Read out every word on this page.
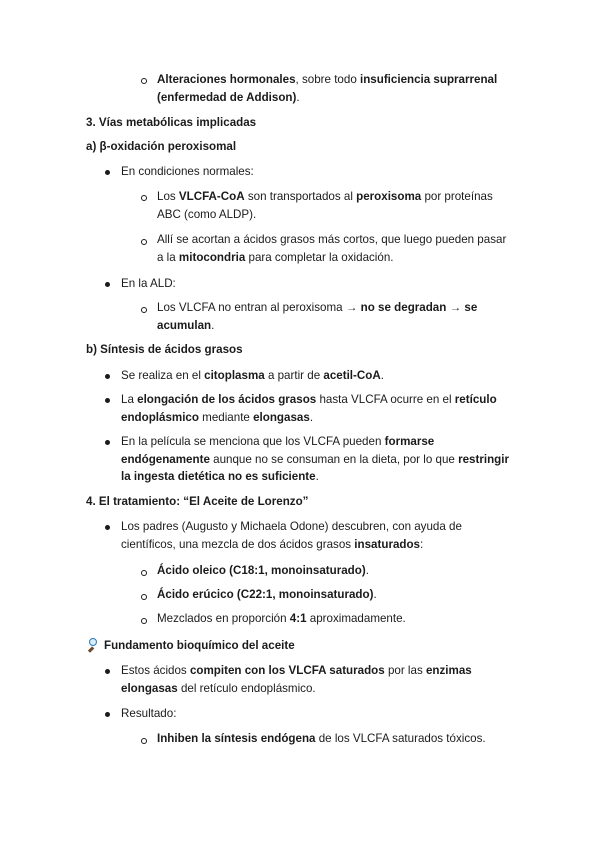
Alteraciones hormonales, sobre todo insuficiencia suprarrenal
(enfermedad de Addison).
3. Vías metabólicas implicadas
a) β-oxidación peroxisomal
En condiciones normales:
Los VLCFA-CoA son transportados al peroxisoma por proteínas
ABC (como ALDP).
Allí se acortan a ácidos grasos más cortos, que luego pueden pasar
a la mitocondria para completar la oxidación.
En la ALD:
Los VLCFA no entran al peroxisoma → no se degradan → se
acumulan.
b) Síntesis de ácidos grasos
Se realiza en el citoplasma a partir de acetil-CoA.
La elongación de los ácidos grasos hasta VLCFA ocurre en el retículo
endoplásmico mediante elongasas.
En la película se menciona que los VLCFA pueden formarse
endógenamente aunque no se consuman en la dieta, por lo que restringir
la ingesta dietética no es suficiente.
4. El tratamiento: “El Aceite de Lorenzo”
Los padres (Augusto y Michaela Odone) descubren, con ayuda de
científicos, una mezcla de dos ácidos grasos insaturados:
Ácido oleico (C18:1, monoinsaturado).
Ácido erúcico (C22:1, monoinsaturado).
Mezclados en proporción 4:1 aproximadamente.
Fundamento bioquímico del aceite
Estos ácidos compiten con los VLCFA saturados por las enzimas
elongasas del retículo endoplásmico.
Resultado:
Inhiben la síntesis endógena de los VLCFA saturados tóxicos.
